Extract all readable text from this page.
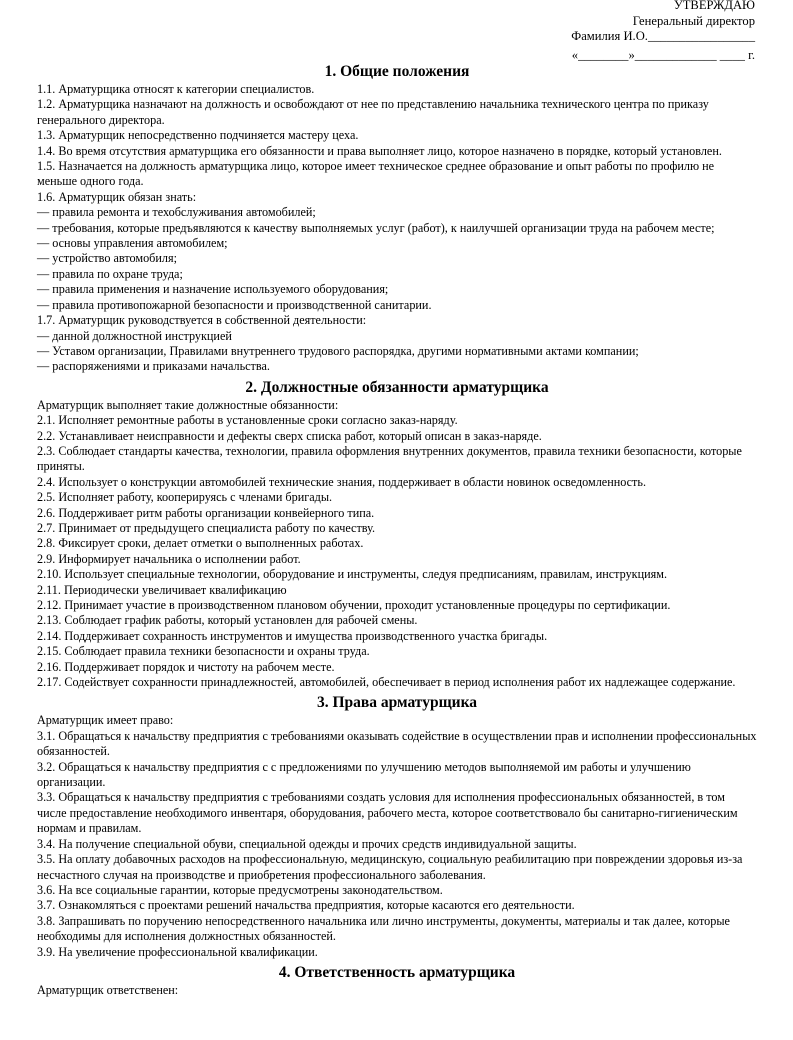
УТВЕРЖДАЮ
Генеральный директор
Фамилия И.О._________________
«________»_____________ ____ г.
1. Общие положения

1.1. Арматурщика относят к категории специалистов.

1.2. Арматурщика назначают на должность и освобождают от нее по представлению начальника технического центра по приказу генерального директора.

1.3. Арматурщик непосредственно подчиняется мастеру цеха.

1.4. Во время отсутствия арматурщика его обязанности и права выполняет лицо, которое назначено в порядке, который установлен.

1.5. Назначается на должность арматурщика лицо, которое имеет техническое среднее образование и опыт работы по профилю не меньше одного года.

1.6. Арматурщик обязан знать:

— правила ремонта и техобслуживания автомобилей;

— требования, которые предъявляются к качеству выполняемых услуг (работ), к наилучшей организации труда на рабочем месте;

— основы управления автомобилем;

— устройство автомобиля;

— правила по охране труда;

— правила применения и назначение используемого оборудования;

— правила противопожарной безопасности и производственной санитарии.

1.7. Арматурщик руководствуется в собственной деятельности:

— данной должностной инструкцией

— Уставом организации, Правилами внутреннего трудового распорядка, другими нормативными актами компании;

— распоряжениями и приказами начальства.

2. Должностные обязанности арматурщика

Арматурщик выполняет такие должностные обязанности:

2.1. Исполняет ремонтные работы в установленные сроки согласно заказ-наряду.

2.2. Устанавливает неисправности и дефекты сверх списка работ, который описан в заказ-наряде.

2.3. Соблюдает стандарты качества, технологии, правила оформления внутренних документов, правила техники безопасности, которые приняты.

2.4. Использует о конструкции автомобилей технические знания, поддерживает в области новинок осведомленность.

2.5. Исполняет работу, кооперируясь с членами бригады.

2.6. Поддерживает ритм работы организации конвейерного типа.

2.7. Принимает от предыдущего специалиста работу по качеству.

2.8. Фиксирует сроки, делает отметки о выполненных работах.

2.9. Информирует начальника о исполнении работ.

2.10. Использует специальные технологии, оборудование и инструменты, следуя предписаниям, правилам, инструкциям.

2.11. Периодически увеличивает квалификацию

2.12. Принимает участие в производственном плановом обучении, проходит установленные процедуры по сертификации.

2.13. Соблюдает график работы, который установлен для рабочей смены.

2.14. Поддерживает сохранность инструментов и имущества производственного участка бригады.

2.15. Соблюдает правила техники безопасности и охраны труда.

2.16. Поддерживает порядок и чистоту на рабочем месте.

2.17. Содействует сохранности принадлежностей, автомобилей, обеспечивает в период исполнения работ их надлежащее содержание.

3. Права арматурщика

Арматурщик имеет право:

3.1. Обращаться к начальству предприятия с требованиями оказывать содействие в осуществлении прав и исполнении профессиональных обязанностей.

3.2. Обращаться к начальству предприятия с с предложениями по улучшению методов выполняемой им работы и улучшению организации.

3.3. Обращаться к начальству предприятия с требованиями создать условия для исполнения профессиональных обязанностей, в том числе предоставление необходимого инвентаря, оборудования, рабочего места, которое соответствовало бы санитарно-гигиеническим нормам и правилам.

3.4. На получение специальной обуви, специальной одежды и прочих средств индивидуальной защиты.

3.5. На оплату добавочных расходов на профессиональную, медицинскую, социальную реабилитацию при повреждении здоровья из-за несчастного случая на производстве и приобретения профессионального заболевания.

3.6. На все социальные гарантии, которые предусмотрены законодательством.

3.7. Ознакомляться с проектами решений начальства предприятия, которые касаются его деятельности.

3.8. Запрашивать по поручению непосредственного начальника или лично инструменты, документы, материалы и так далее, которые необходимы для исполнения должностных обязанностей.

3.9. На увеличение профессиональной квалификации.

4. Ответственность арматурщика

Арматурщик ответственен:
